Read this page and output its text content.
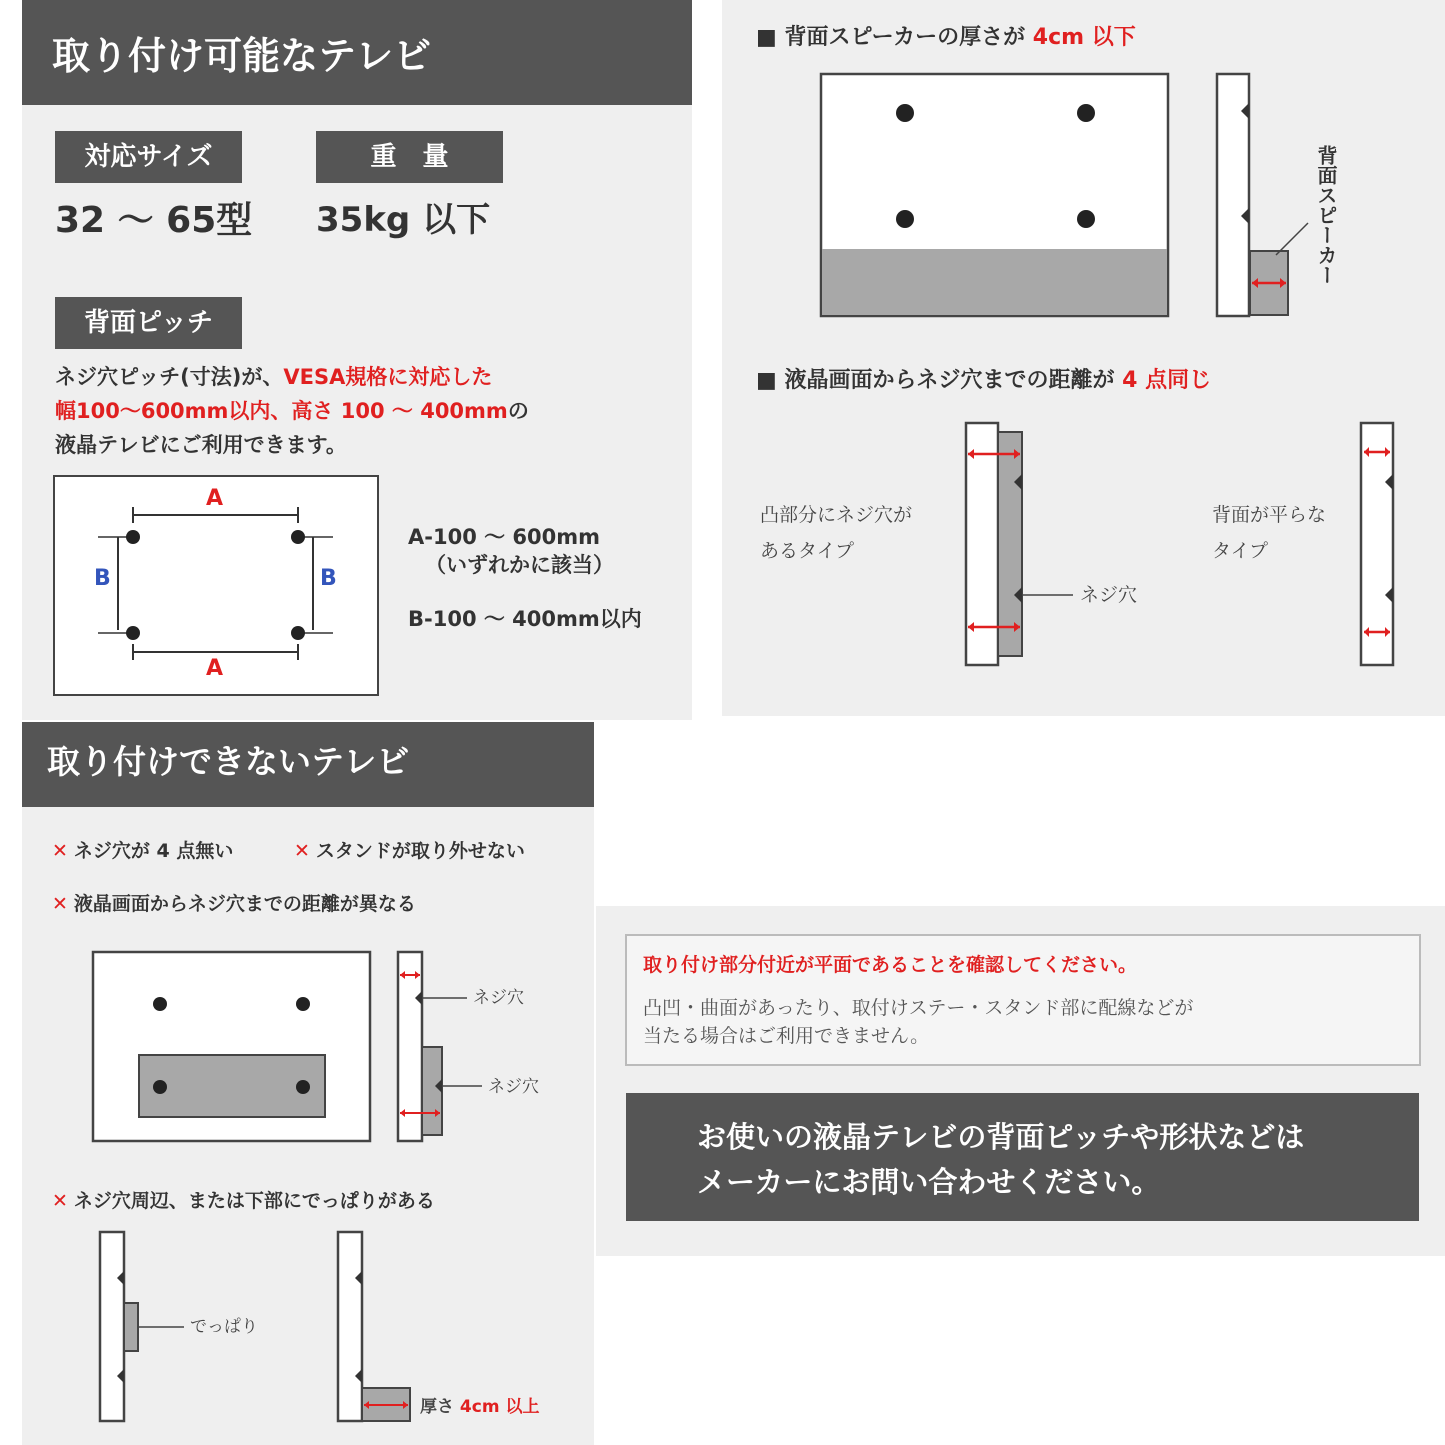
取り付け可能なテレビ
対応サイズ
32 〜 65型
重　量
35kg 以下
背面ピッチ
ネジ穴ピッチ(寸法)が、VESA規格に対応した
幅100〜600mm以内、高さ 100 〜 400mmの
液晶テレビにご利用できます。
A
A
B	B
A-100 〜 600mm
（いずれかに該当）
B-100 〜 400mm以内
■ 背面スピーカーの厚さが 4cm 以下
背面スピーカー
■ 液晶画面からネジ穴までの距離が 4 点同じ
凸部分にネジ穴が
あるタイプ
ネジ穴
背面が平らな
タイプ
取り付けできないテレビ
✕ ネジ穴が 4 点無い	✕ スタンドが取り外せない
✕ 液晶画面からネジ穴までの距離が異なる
ネジ穴
ネジ穴
✕ ネジ穴周辺、または下部にでっぱりがある
でっぱり
厚さ 4cm 以上
取り付け部分付近が平面であることを確認してください。
凸凹・曲面があったり、取付けステー・スタンド部に配線などが
当たる場合はご利用できません。
お使いの液晶テレビの背面ピッチや形状などは
メーカーにお問い合わせください。
